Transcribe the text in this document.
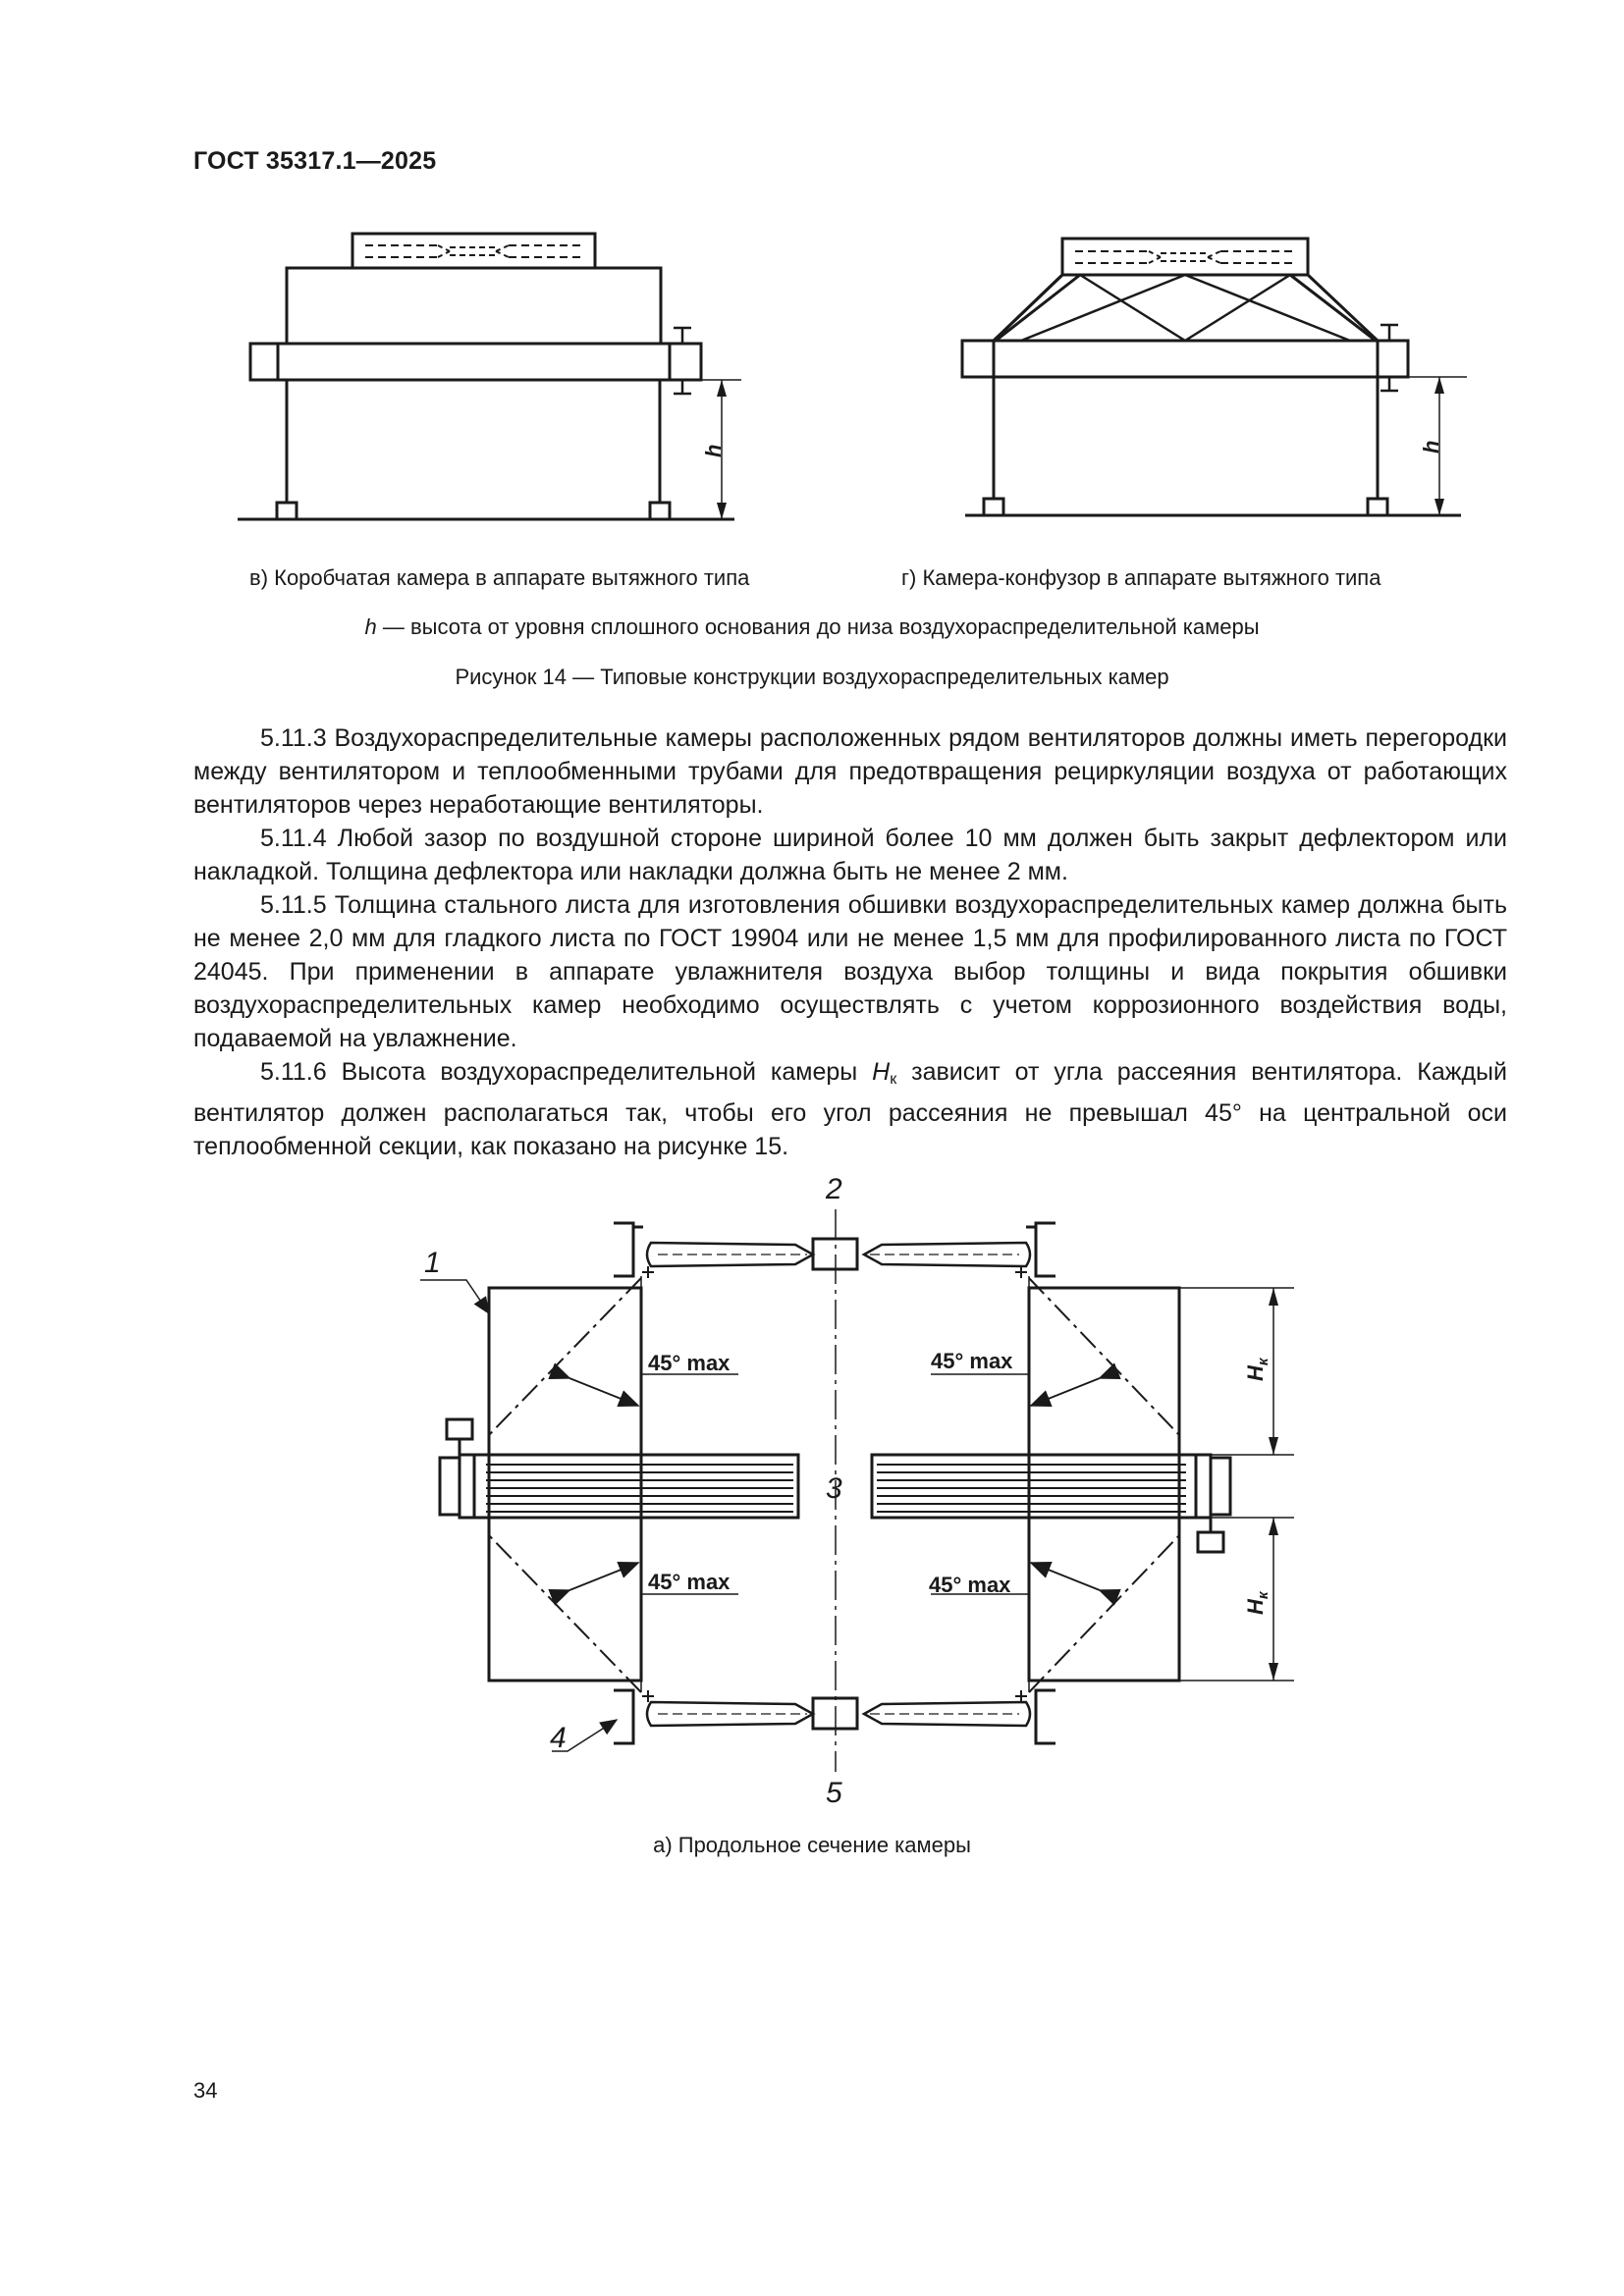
ГОСТ 35317.1—2025
h	h
в) Коробчатая камера в аппарате вытяжного типа	г) Камера-конфузор в аппарате вытяжного типа
h — высота от уровня сплошного основания до низа воздухораспределительной камеры
Рисунок 14 — Типовые конструкции воздухораспределительных камер

5.11.3 Воздухораспределительные камеры расположенных рядом вентиляторов должны иметь перегородки между вентилятором и теплообменными трубами для предотвращения рециркуляции воздуха от работающих вентиляторов через неработающие вентиляторы.

5.11.4 Любой зазор по воздушной стороне шириной более 10 мм должен быть закрыт дефлектором или накладкой. Толщина дефлектора или накладки должна быть не менее 2 мм.

5.11.5 Толщина стального листа для изготовления обшивки воздухораспределительных камер должна быть не менее 2,0 мм для гладкого листа по ГОСТ 19904 или не менее 1,5 мм для профилированного листа по ГОСТ 24045. При применении в аппарате увлажнителя воздуха выбор толщины и вида покрытия обшивки воздухораспределительных камер необходимо осуществлять с учетом коррозионного воздействия воды, подаваемой на увлажнение.

5.11.6 Высота воздухораспределительной камеры $H_к$ зависит от угла рассеяния вентилятора. Каждый вентилятор должен располагаться так, чтобы его угол рассеяния не превышал 45° на центральной оси теплообменной секции, как показано на рисунке 15.

1
2
3
4
5
45° max	45° max
45° max	45° max
$H_к$
$H_к$
а) Продольное сечение камеры
34
